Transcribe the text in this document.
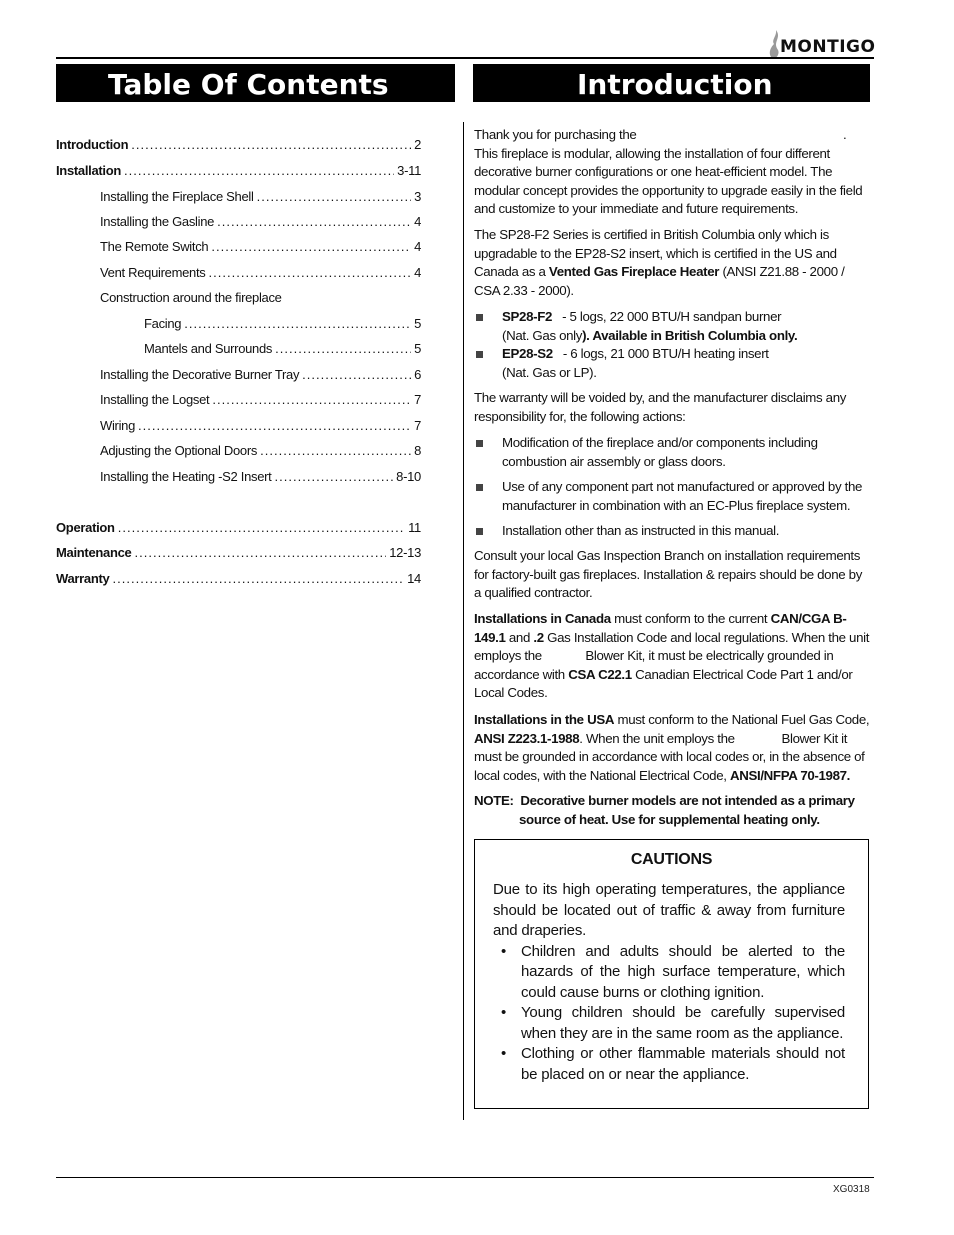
MONTIGO
Table Of Contents	Introduction
Introduction . . .	2
Installation . . .	3-11
Installing the Fireplace Shell . . .	3
Installing the Gasline . . .	4
The Remote Switch . . .	4
Vent Requirements . . .	4
Construction around the fireplace
Facing . . .	5
Mantels and Surrounds . . .	5
Installing the Decorative Burner Tray . . .	6
Installing the Logset . . .	7
Wiring . . .	7
Adjusting the Optional Doors . . .	8
Installing the Heating -S2 Insert . . .	8-10
Operation . . .	11
Maintenance . . .	12-13
Warranty . . .	14
Thank you for purchasing the	.

This fireplace is modular, allowing the installation of four different decorative burner configurations or one heat-efficient model. The modular concept provides the opportunity to upgrade easily in the field and customize to your immediate and future requirements.

The SP28-F2 Series is certified in British Columbia only which is upgradable to the EP28-S2 insert, which is certified in the US and Canada as a Vented Gas Fireplace Heater (ANSI Z21.88 - 2000 / CSA 2.33 - 2000).
SP28-F2 - 5 logs, 22 000 BTU/H sandpan burner
(Nat. Gas only). Available in British Columbia only.
EP28-S2 - 6 logs, 21 000 BTU/H heating insert
(Nat. Gas or LP).
The warranty will be voided by, and the manufacturer disclaims any responsibility for, the following actions:
Modification of the fireplace and/or components including combustion air assembly or glass doors.
Use of any component part not manufactured or approved by the manufacturer in combination with an EC-Plus fireplace system.
Installation other than as instructed in this manual.
Consult your local Gas Inspection Branch on installation requirements for factory-built gas fireplaces. Installation & repairs should be done by a qualified contractor.
Installations in Canada must conform to the current CAN/CGA B-149.1 and .2 Gas Installation Code and local regulations. When the unit employs the	Blower Kit, it must be electrically grounded in accordance with CSA C22.1 Canadian Electrical Code Part 1 and/or Local Codes.
Installations in the USA must conform to the National Fuel Gas Code, ANSI Z223.1-1988. When the unit employs the	Blower Kit it must be grounded in accordance with local codes or, in the absence of local codes, with the National Electrical Code, ANSI/NFPA 70-1987.
NOTE: Decorative burner models are not intended as a primary
source of heat. Use for supplemental heating only.
CAUTIONS
Due to its high operating temperatures, the appliance should be located out of traffic & away from furniture and draperies.
• Children and adults should be alerted to the hazards of the high surface temperature, which could cause burns or clothing ignition.
• Young children should be carefully supervised when they are in the same room as the appliance.
• Clothing or other flammable materials should not be placed on or near the appliance.
XG0318
